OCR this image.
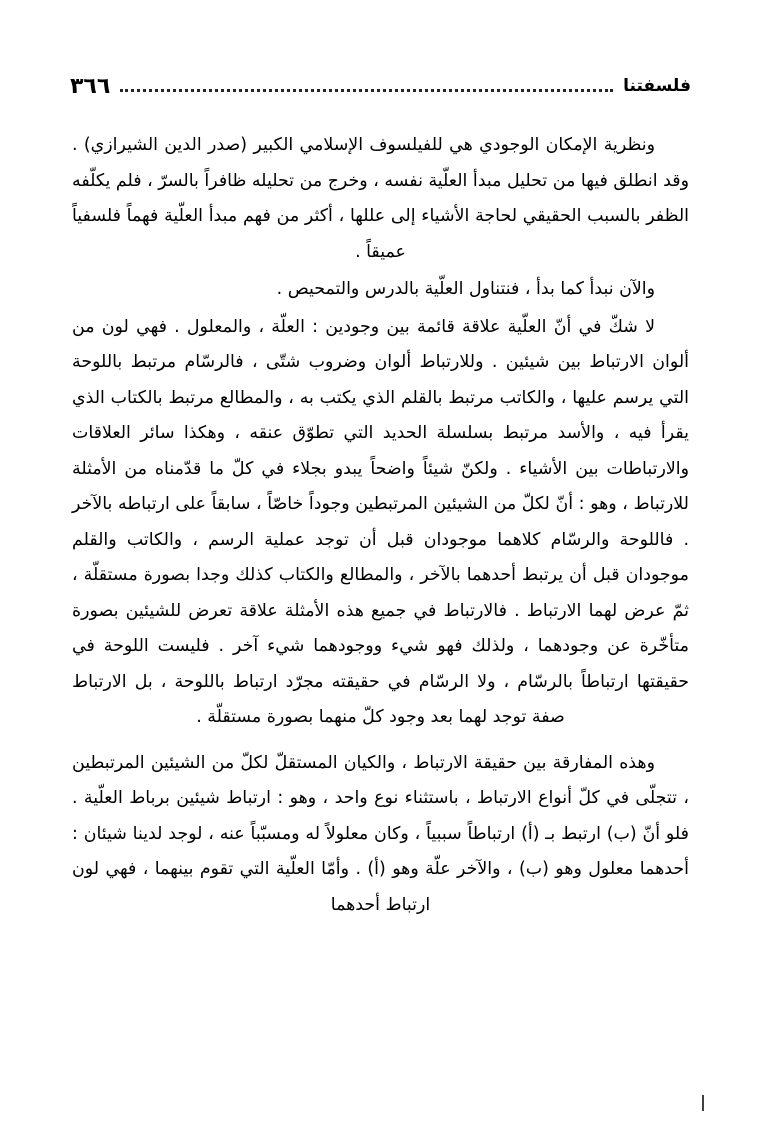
٣٦٦	فلسفتنا

ونظرية الإمكان الوجودي هي للفيلسوف الإسلامي الكبير (صدر الدين الشيرازي) . وقد انطلق فيها من تحليل مبدأ العلّية نفسه ، وخرج من تحليله ظافراً بالسرّ ، فلم يكلّفه الظفر بالسبب الحقيقي لحاجة الأشياء إلى عللها ، أكثر من فهم مبدأ العلّية فهماً فلسفياً عميقاً .

والآن نبدأ كما بدأ ، فنتناول العلّية بالدرس والتمحيص .

لا شكّ في أنّ العلّية علاقة قائمة بين وجودين : العلّة ، والمعلول . فهي لون من ألوان الارتباط بين شيئين . وللارتباط ألوان وضروب شتّى ، فالرسّام مرتبط باللوحة التي يرسم عليها ، والكاتب مرتبط بالقلم الذي يكتب به ، والمطالع مرتبط بالكتاب الذي يقرأ فيه ، والأسد مرتبط بسلسلة الحديد التي تطوّق عنقه ، وهكذا سائر العلاقات والارتباطات بين الأشياء . ولكنّ شيئاً واضحاً يبدو بجلاء في كلّ ما قدّمناه من الأمثلة للارتباط ، وهو : أنّ لكلّ من الشيئين المرتبطين وجوداً خاصّاً ، سابقاً على ارتباطه بالآخر . فاللوحة والرسّام كلاهما موجودان قبل أن توجد عملية الرسم ، والكاتب والقلم موجودان قبل أن يرتبط أحدهما بالآخر ، والمطالع والكتاب كذلك وجدا بصورة مستقلّة ، ثمّ عرض لهما الارتباط . فالارتباط في جميع هذه الأمثلة علاقة تعرض للشيئين بصورة متأخّرة عن وجودهما ، ولذلك فهو شيء ووجودهما شيء آخر . فليست اللوحة في حقيقتها ارتباطاً بالرسّام ، ولا الرسّام في حقيقته مجرّد ارتباط باللوحة ، بل الارتباط صفة توجد لهما بعد وجود كلّ منهما بصورة مستقلّة .

وهذه المفارقة بين حقيقة الارتباط ، والكيان المستقلّ لكلّ من الشيئين المرتبطين ، تتجلّى في كلّ أنواع الارتباط ، باستثناء نوع واحد ، وهو : ارتباط شيئين برباط العلّية . فلو أنّ (ب) ارتبط بـ (أ) ارتباطاً سببياً ، وكان معلولاً له ومسبّباً عنه ، لوجد لدينا شيئان : أحدهما معلول وهو (ب) ، والآخر علّة وهو (أ) . وأمّا العلّية التي تقوم بينهما ، فهي لون ارتباط أحدهما
